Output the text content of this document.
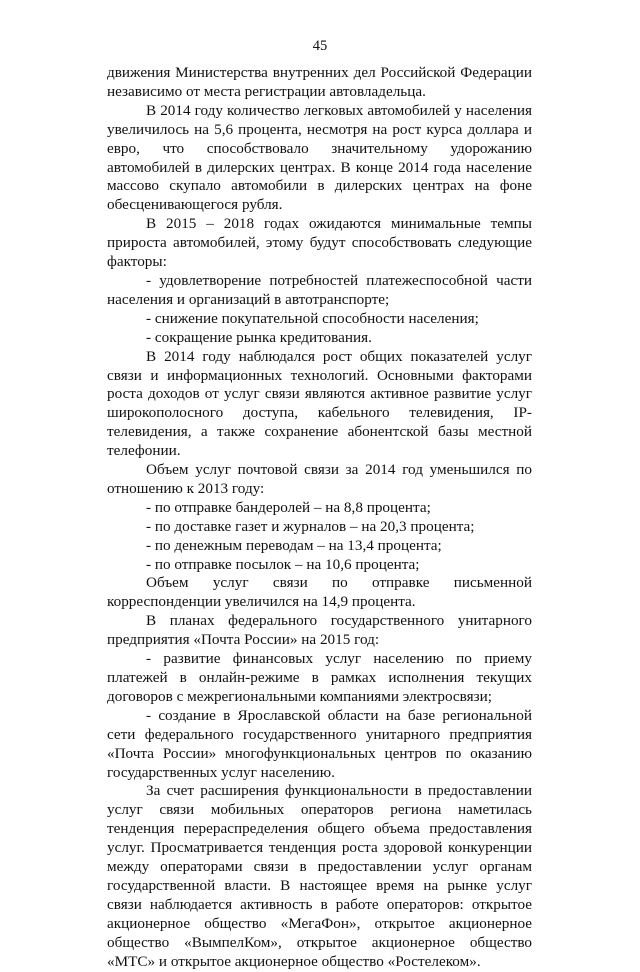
45

движения Министерства внутренних дел Российской Федерации независимо от места регистрации автовладельца.

В 2014 году количество легковых автомобилей у населения увеличилось на 5,6 процента, несмотря на рост курса доллара и евро, что способствовало значительному удорожанию автомобилей в дилерских центрах. В конце 2014 года население массово скупало автомобили в дилерских центрах на фоне обесценивающегося рубля.

В 2015 – 2018 годах ожидаются минимальные темпы прироста автомобилей, этому будут способствовать следующие факторы:

- удовлетворение потребностей платежеспособной части населения и организаций в автотранспорте;

- снижение покупательной способности населения;

- сокращение рынка кредитования.

В 2014 году наблюдался рост общих показателей услуг связи и информационных технологий. Основными факторами роста доходов от услуг связи являются активное развитие услуг широкополосного доступа, кабельного телевидения, IP-телевидения, а также сохранение абонентской базы местной телефонии.

Объем услуг почтовой связи за 2014 год уменьшился по отношению к 2013 году:

- по отправке бандеролей – на 8,8 процента;

- по доставке газет и журналов – на 20,3 процента;

- по денежным переводам – на 13,4 процента;

- по отправке посылок – на 10,6 процента;

Объем услуг связи по отправке письменной корреспонденции увеличился на 14,9 процента.

В планах федерального государственного унитарного предприятия «Почта России» на 2015 год:

- развитие финансовых услуг населению по приему платежей в онлайн-режиме в рамках исполнения текущих договоров с межрегиональными компаниями электросвязи;

- создание в Ярославской области на базе региональной сети федерального государственного унитарного предприятия «Почта России» многофункциональных центров по оказанию государственных услуг населению.

За счет расширения функциональности в предоставлении услуг связи мобильных операторов региона наметилась тенденция перераспределения общего объема предоставления услуг. Просматривается тенденция роста здоровой конкуренции между операторами связи в предоставлении услуг органам государственной власти. В настоящее время на рынке услуг связи наблюдается активность в работе операторов: открытое акционерное общество «МегаФон», открытое акционерное общество «ВымпелКом», открытое акционерное общество «МТС» и открытое акционерное общество «Ростелеком».
